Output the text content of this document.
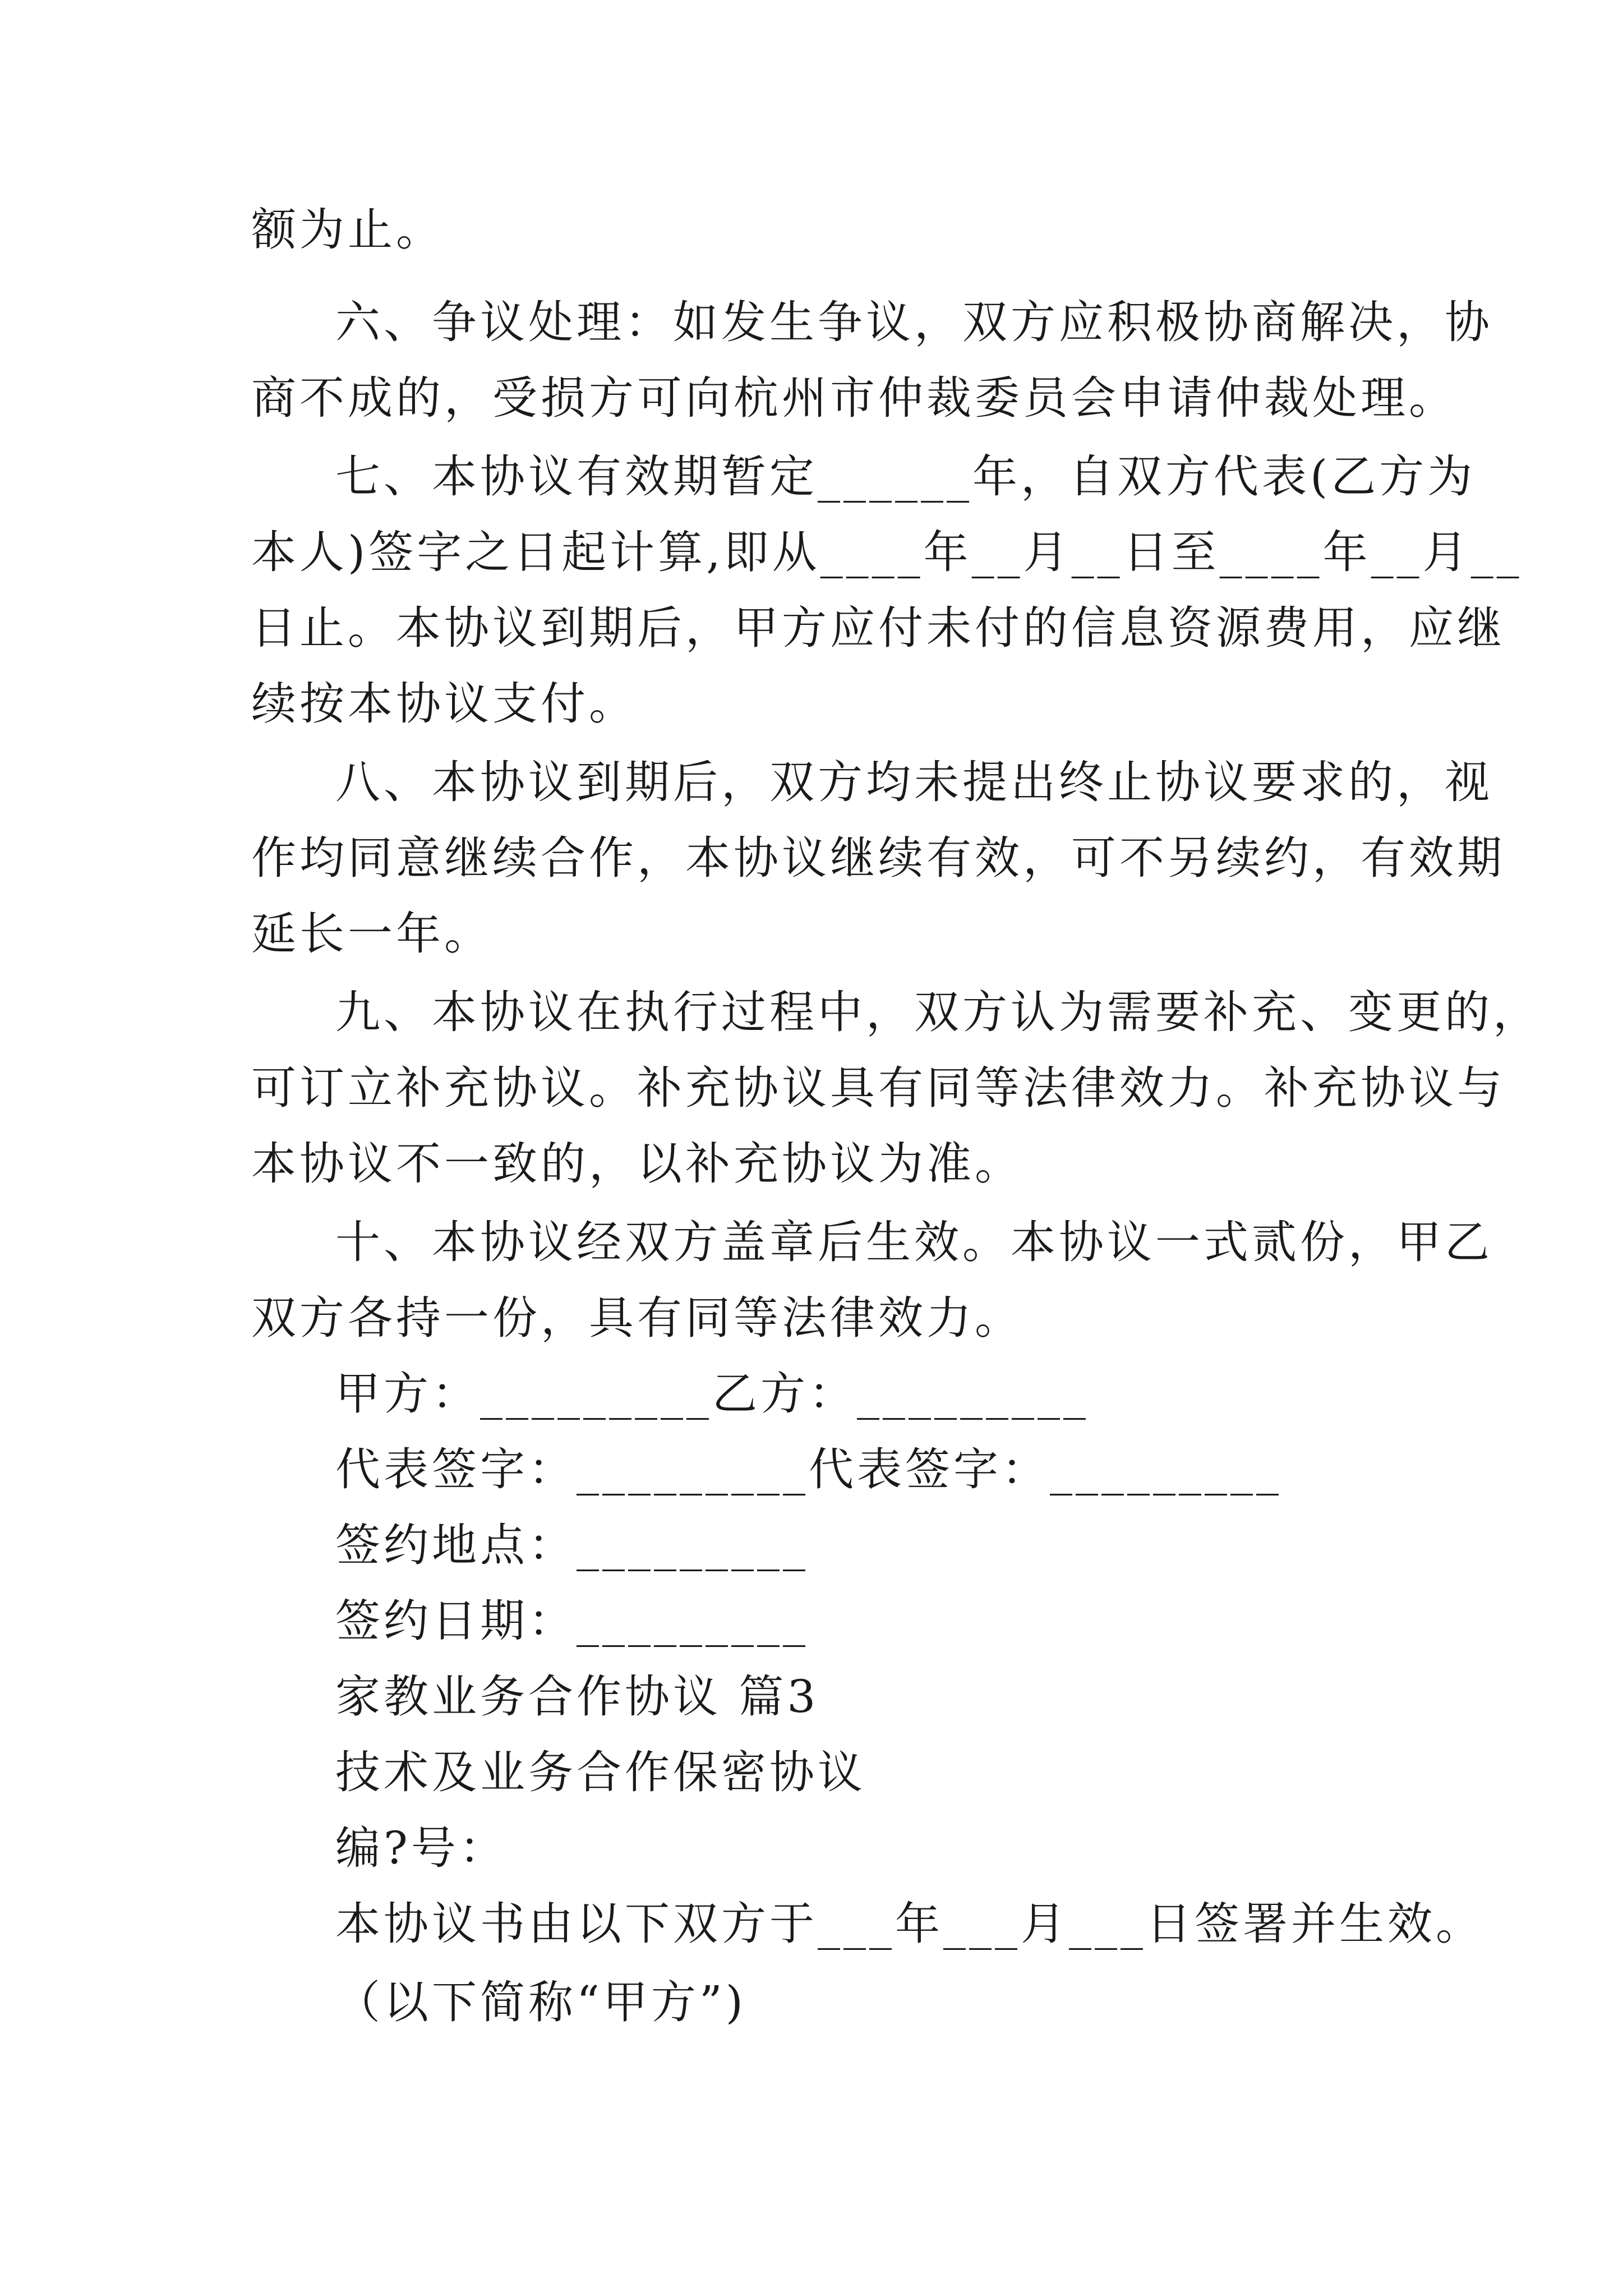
额为止。
六、争议处理：如发生争议，双方应积极协商解决，协
商不成的，受损方可向杭州市仲裁委员会申请仲裁处理。
七、本协议有效期暂定______年，自双方代表(乙方为
本人)签字之日起计算,即从____年__月__日至____年__月__
日止。本协议到期后，甲方应付未付的信息资源费用，应继
续按本协议支付。
八、本协议到期后，双方均未提出终止协议要求的，视
作均同意继续合作，本协议继续有效，可不另续约，有效期
延长一年。
九、本协议在执行过程中，双方认为需要补充、变更的，
可订立补充协议。补充协议具有同等法律效力。补充协议与
本协议不一致的，以补充协议为准。
十、本协议经双方盖章后生效。本协议一式贰份，甲乙
双方各持一份，具有同等法律效力。
甲方：_________乙方：_________
代表签字：_________代表签字：_________
签约地点：_________
签约日期：_________
家教业务合作协议 篇3
技术及业务合作保密协议
编?号：
本协议书由以下双方于___年___月___日签署并生效。
（以下简称“甲方”)
